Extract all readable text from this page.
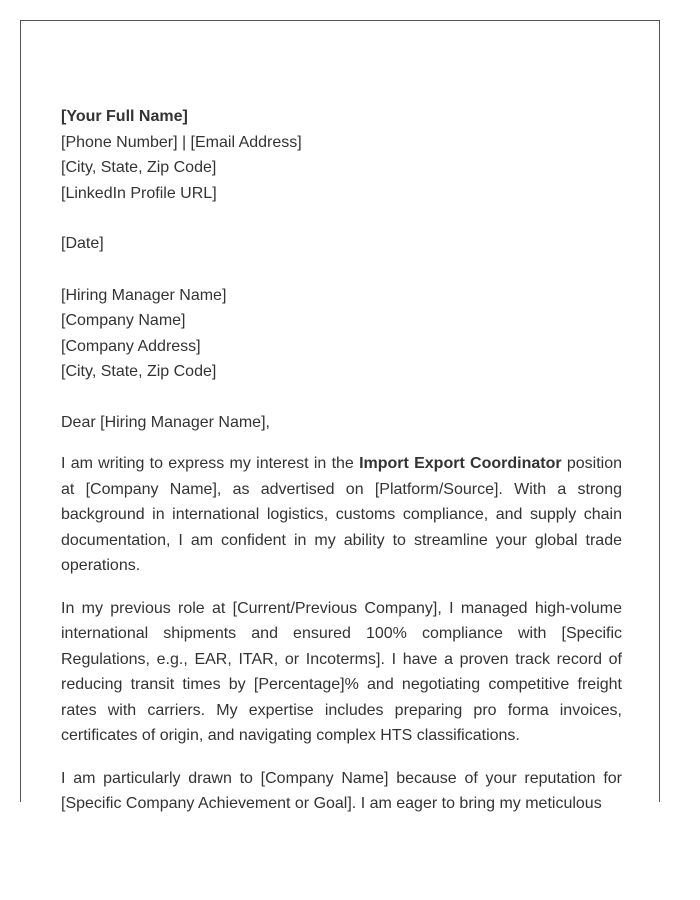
[Your Full Name]
[Phone Number] | [Email Address]
[City, State, Zip Code]
[LinkedIn Profile URL]
[Date]
[Hiring Manager Name]
[Company Name]
[Company Address]
[City, State, Zip Code]
Dear [Hiring Manager Name],

I am writing to express my interest in the Import Export Coordinator position at [Company Name], as advertised on [Platform/Source]. With a strong background in international logistics, customs compliance, and supply chain documentation, I am confident in my ability to streamline your global trade operations.

In my previous role at [Current/Previous Company], I managed high-volume international shipments and ensured 100% compliance with [Specific Regulations, e.g., EAR, ITAR, or Incoterms]. I have a proven track record of reducing transit times by [Percentage]% and negotiating competitive freight rates with carriers. My expertise includes preparing pro forma invoices, certificates of origin, and navigating complex HTS classifications.

I am particularly drawn to [Company Name] because of your reputation for [Specific Company Achievement or Goal]. I am eager to bring my meticulous
